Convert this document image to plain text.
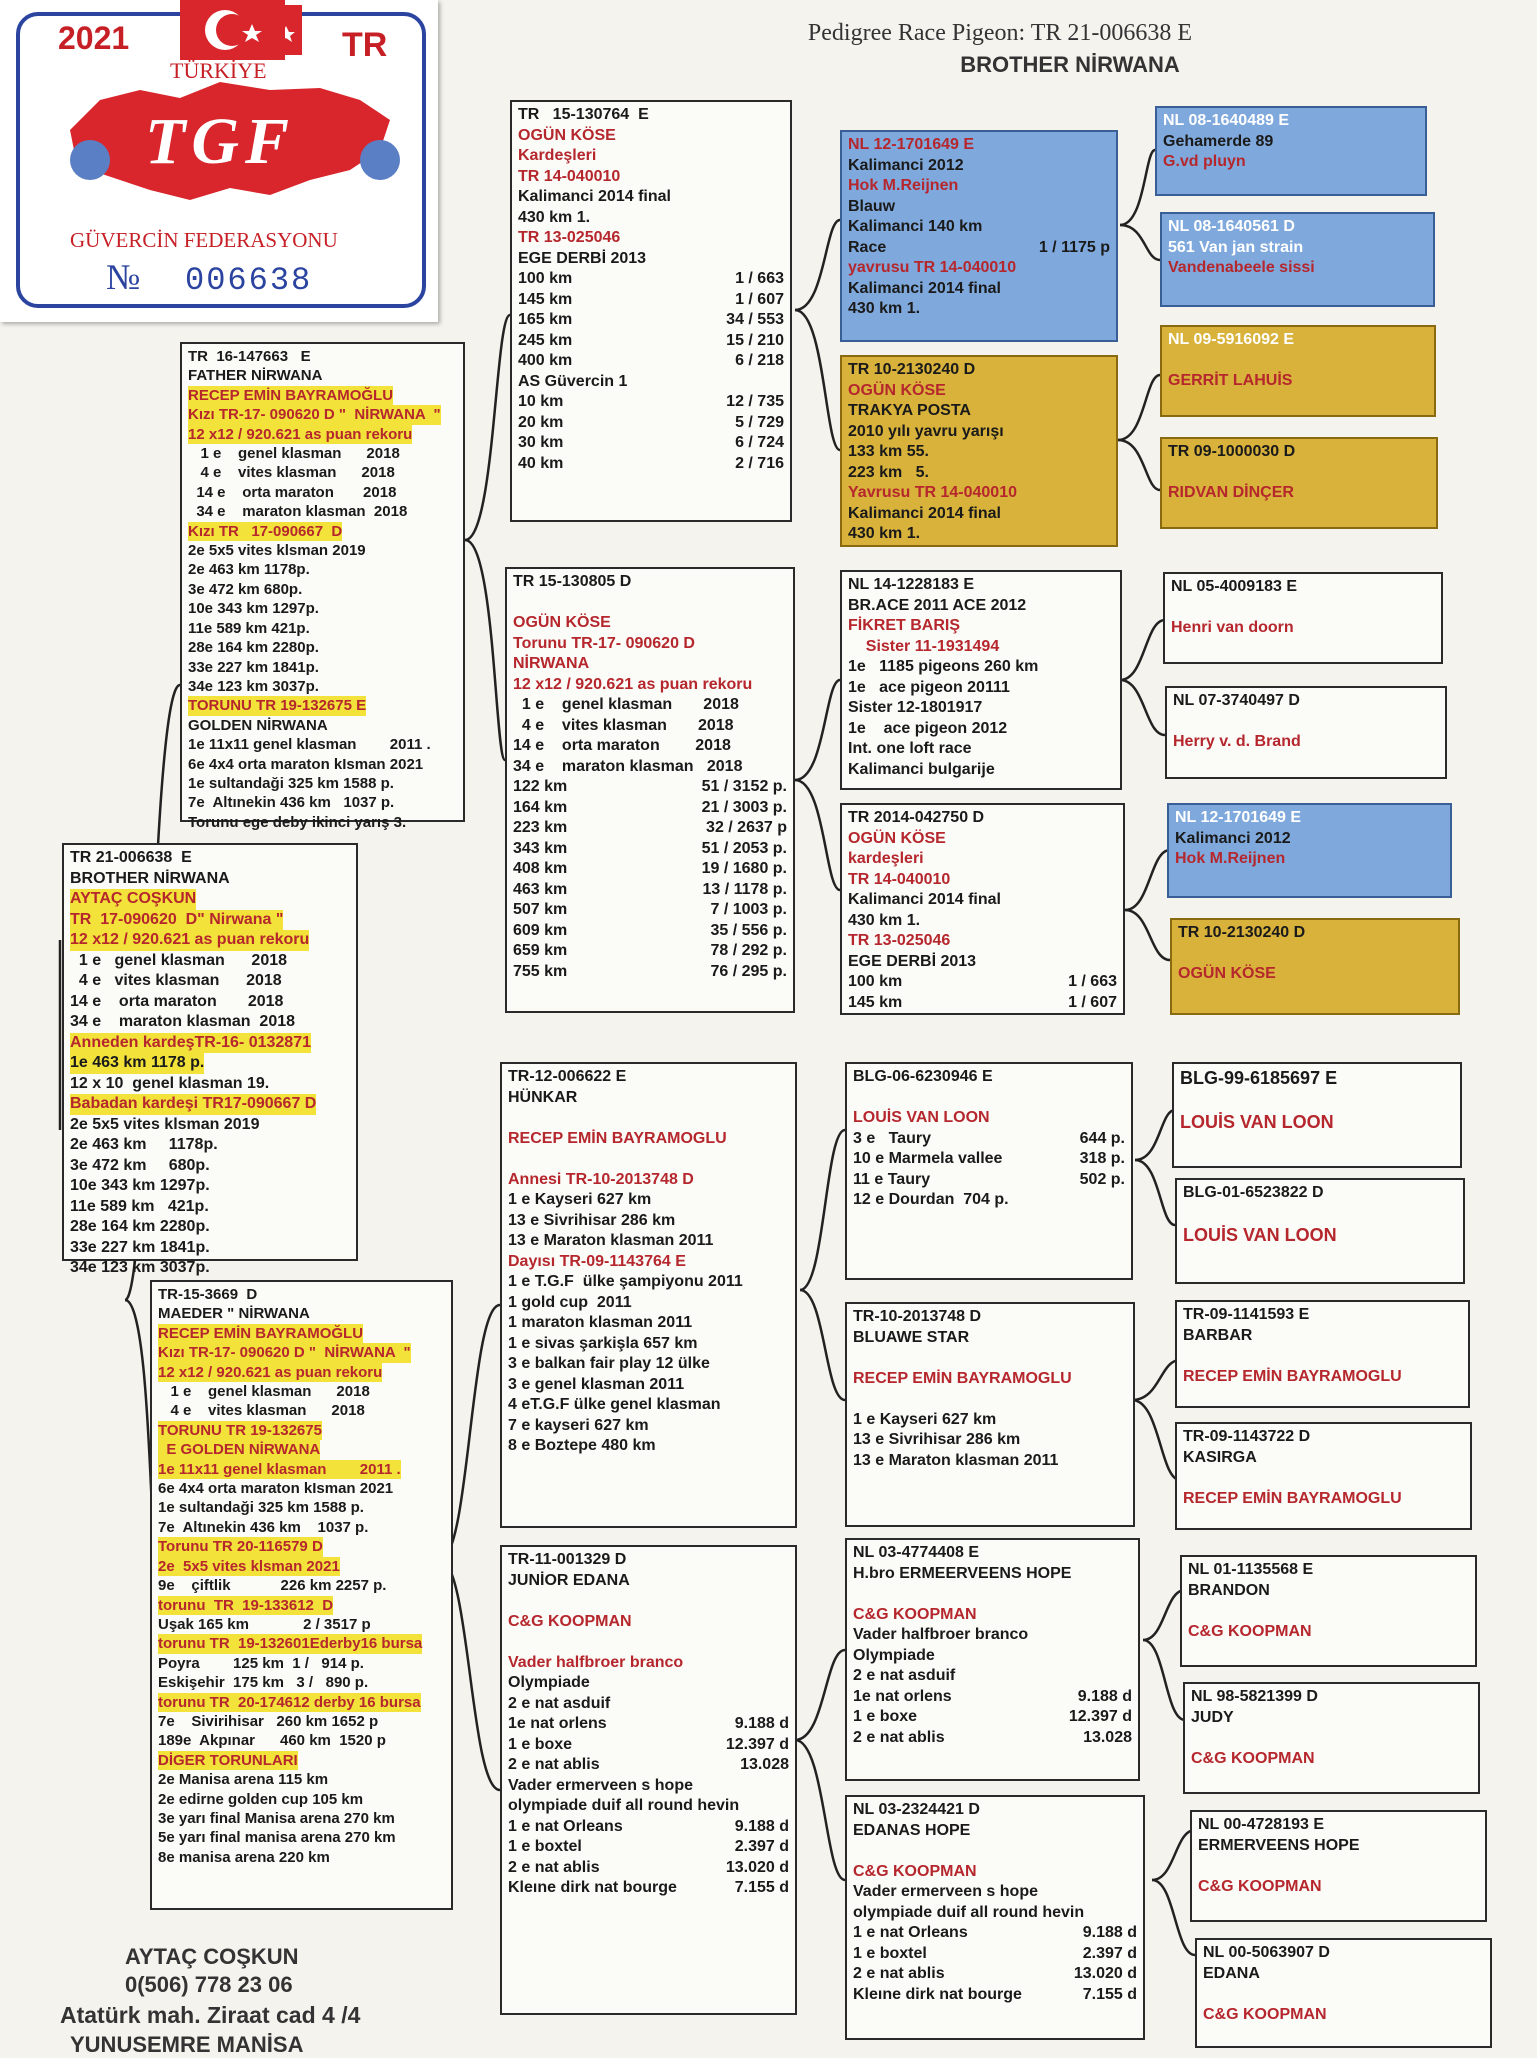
Pedigree Race Pigeon: TR 21-006638 E
BROTHER NİRWANA
2021	TR
TÜRKİYE
TGF
GÜVERCİN FEDERASYONU
№ 006638
TR 21-006638  E
BROTHER NİRWANA
AYTAÇ COŞKUN
TR  17-090620  D" Nirwana "
12 x12 / 920.621 as puan rekoru
1 e   genel klasman      2018
4 e   vites klasman      2018
14 e    orta maraton       2018
34 e    maraton klasman  2018
Anneden kardeşTR-16- 0132871
1e 463 km 1178 p.
12 x 10  genel klasman 19.
Babadan kardeşi TR17-090667 D
2e 5x5 vites klsman 2019
2e 463 km     1178p.
3e 472 km     680p.
10e 343 km 1297p.
11e 589 km   421p.
28e 164 km 2280p.
33e 227 km 1841p.
34e 123 km 3037p.
TR  16-147663   E
FATHER NİRWANA
RECEP EMİN BAYRAMOĞLU
Kızı TR-17- 090620 D "  NİRWANA  "
12 x12 / 920.621 as puan rekoru
1 e    genel klasman      2018
4 e    vites klasman      2018
14 e    orta maraton       2018
34 e    maraton klasman  2018
Kızı TR   17-090667  D
2e 5x5 vites klsman 2019
2e 463 km 1178p.
3e 472 km 680p.
10e 343 km 1297p.
11e 589 km 421p.
28e 164 km 2280p.
33e 227 km 1841p.
34e 123 km 3037p.
TORUNU TR 19-132675 E
GOLDEN NİRWANA
1e 11x11 genel klasman        2011 .
6e 4x4 orta maraton kIsman 2021
1e sultandaği 325 km 1588 p.
7e  Altınekin 436 km   1037 p.
Torunu ege deby ikinci yarış 3.
TR-15-3669  D
MAEDER " NİRWANA
RECEP EMİN BAYRAMOĞLU
Kızı TR-17- 090620 D "  NİRWANA  "
12 x12 / 920.621 as puan rekoru
1 e    genel klasman      2018
4 e    vites klasman      2018
TORUNU TR 19-132675
E GOLDEN NİRWANA
1e 11x11 genel klasman        2011 .
6e 4x4 orta maraton kIsman 2021
1e sultandaği 325 km 1588 p.
7e  Altınekin 436 km    1037 p.
Torunu TR 20-116579 D
2e  5x5 vites klsman 2021
9e    çiftlik            226 km 2257 p.
torunu  TR  19-133612  D
Uşak 165 km             2 / 3517 p
torunu TR  19-132601Ederby16 bursa
Poyra        125 km  1 /   914 p.
Eskişehir  175 km   3 /   890 p.
torunu TR  20-174612 derby 16 bursa
7e    Sivirihisar   260 km 1652 p
189e  Akpınar      460 km  1520 p
DİGER TORUNLARI
2e Manisa arena 115 km
2e edirne golden cup 105 km
3e yarı final Manisa arena 270 km
5e yarı final manisa arena 270 km
8e manisa arena 220 km
TR   15-130764  E
OGÜN KÖSE
Kardeşleri
TR 14-040010
Kalimanci 2014 final
430 km 1.
TR 13-025046
EGE DERBİ 2013
100 km	1 / 663
145 km	1 / 607
165 km	34 / 553
245 km	15 / 210
400 km	6 / 218
AS Güvercin 1
10 km	12 / 735
20 km	5 / 729
30 km	6 / 724
40 km	2 / 716
TR 15-130805 D

OGÜN KÖSE
Torunu TR-17- 090620 D
NİRWANA
12 x12 / 920.621 as puan rekoru
1 e    genel klasman       2018
4 e    vites klasman       2018
14 e    orta maraton        2018
34 e    maraton klasman   2018
122 km	51 / 3152 p.
164 km	21 / 3003 p.
223 km	32 / 2637 p
343 km	51 / 2053 p.
408 km	19 / 1680 p.
463 km	13 / 1178 p.
507 km	7 / 1003 p.
609 km	35 / 556 p.
659 km	78 / 292 p.
755 km	76 / 295 p.
TR-12-006622 E
HÜNKAR

RECEP EMİN BAYRAMOGLU

Annesi TR-10-2013748 D
1 e Kayseri 627 km
13 e Sivrihisar 286 km
13 e Maraton klasman 2011
Dayısı TR-09-1143764 E
1 e T.G.F  ülke şampiyonu 2011
1 gold cup  2011
1 maraton klasman 2011
1 e sivas şarkişla 657 km
3 e balkan fair play 12 ülke
3 e genel klasman 2011
4 eT.G.F ülke genel klasman
7 e kayseri 627 km
8 e Boztepe 480 km
TR-11-001329 D
JUNİOR EDANA

C&G KOOPMAN

Vader halfbroer branco
Olympiade
2 e nat asduif
1e nat orlens	9.188 d
1 e boxe	12.397 d
2 e nat ablis	13.028
Vader ermerveen s hope
olympiade duif all round hevin
1 e nat Orleans	9.188 d
1 e boxtel	2.397 d
2 e nat ablis	13.020 d
Kleıne dirk nat bourge	7.155 d
NL 12-1701649 E
Kalimanci 2012
Hok M.Reijnen
Blauw
Kalimanci 140 km
Race	1 / 1175 p
yavrusu TR 14-040010
Kalimanci 2014 final
430 km 1.
TR 10-2130240 D
OGÜN KÖSE
TRAKYA POSTA
2010 yılı yavru yarışı
133 km 55.
223 km   5.
Yavrusu TR 14-040010
Kalimanci 2014 final
430 km 1.
NL 14-1228183 E
BR.ACE 2011 ACE 2012
FİKRET BARIŞ
Sister 11-1931494
1e   1185 pigeons 260 km
1e   ace pigeon 20111
Sister 12-1801917
1e    ace pigeon 2012
Int. one loft race
Kalimanci bulgarije
TR 2014-042750 D
OGÜN KÖSE
kardeşleri
TR 14-040010
Kalimanci 2014 final
430 km 1.
TR 13-025046
EGE DERBİ 2013
100 km	1 / 663
145 km	1 / 607
BLG-06-6230946 E

LOUİS VAN LOON
3 e   Taury	644 p.
10 e Marmela vallee	318 p.
11 e Taury	502 p.
12 e Dourdan  704 p.
TR-10-2013748 D
BLUAWE STAR

RECEP EMİN BAYRAMOGLU

1 e Kayseri 627 km
13 e Sivrihisar 286 km
13 e Maraton klasman 2011
NL 03-4774408 E
H.bro ERMEERVEENS HOPE

C&G KOOPMAN
Vader halfbroer branco
Olympiade
2 e nat asduif
1e nat orlens	9.188 d
1 e boxe	12.397 d
2 e nat ablis	13.028
NL 03-2324421 D
EDANAS HOPE

C&G KOOPMAN
Vader ermerveen s hope
olympiade duif all round hevin
1 e nat Orleans	9.188 d
1 e boxtel	2.397 d
2 e nat ablis	13.020 d
Kleıne dirk nat bourge	7.155 d
NL 08-1640489 E
Gehamerde 89
G.vd pluyn
NL 08-1640561 D
561 Van jan strain
Vandenabeele sissi
NL 09-5916092 E

GERRİT LAHUİS
TR 09-1000030 D

RIDVAN DİNÇER
NL 05-4009183 E

Henri van doorn
NL 07-3740497 D

Herry v. d. Brand
NL 12-1701649 E
Kalimanci 2012
Hok M.Reijnen
TR 10-2130240 D

OGÜN KÖSE
BLG-99-6185697 E

LOUİS VAN LOON
BLG-01-6523822 D

LOUİS VAN LOON
TR-09-1141593 E
BARBAR

RECEP EMİN BAYRAMOGLU
TR-09-1143722 D
KASIRGA

RECEP EMİN BAYRAMOGLU
NL 01-1135568 E
BRANDON

C&G KOOPMAN
NL 98-5821399 D
JUDY

C&G KOOPMAN
NL 00-4728193 E
ERMERVEENS HOPE

C&G KOOPMAN
NL 00-5063907 D
EDANA

C&G KOOPMAN
AYTAÇ COŞKUN
0(506) 778 23 06
Atatürk mah. Ziraat cad 4 /4
YUNUSEMRE MANİSA
